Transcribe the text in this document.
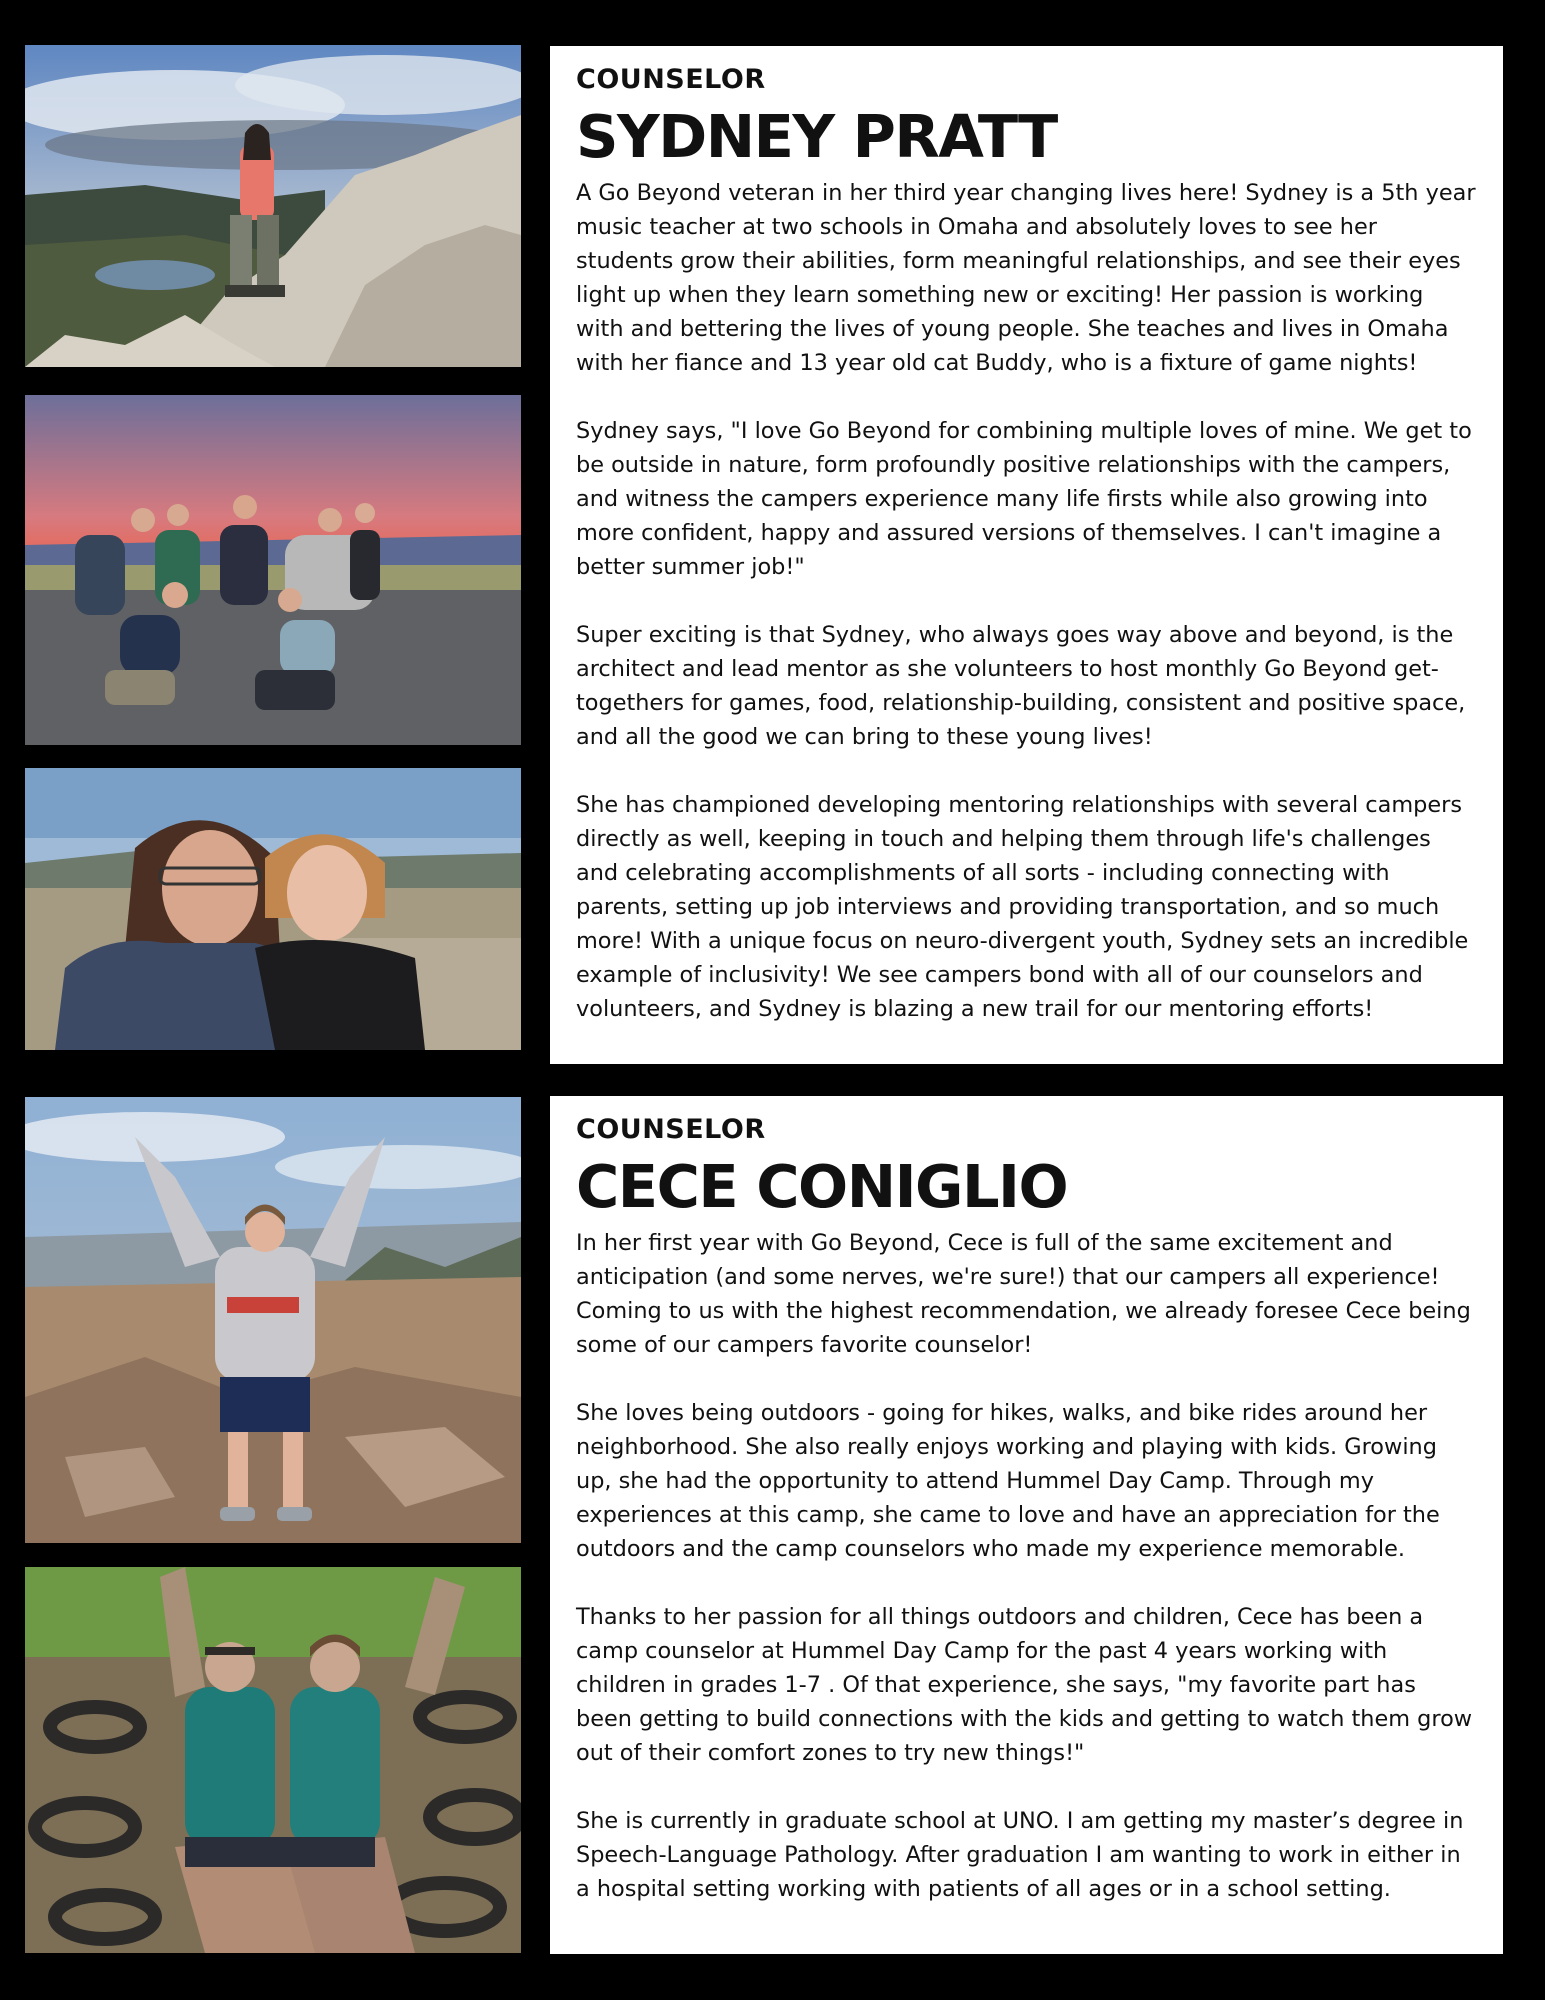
COUNSELOR
SYDNEY PRATT

A Go Beyond veteran in her third year changing lives here! Sydney is a 5th year music teacher at two schools in Omaha and absolutely loves to see her students grow their abilities, form meaningful relationships, and see their eyes light up when they learn something new or exciting! Her passion is working with and bettering the lives of young people. She teaches and lives in Omaha with her fiance and 13 year old cat Buddy, who is a fixture of game nights!

Sydney says, "I love Go Beyond for combining multiple loves of mine. We get to be outside in nature, form profoundly positive relationships with the campers, and witness the campers experience many life firsts while also growing into more confident, happy and assured versions of themselves. I can't imagine a better summer job!"

Super exciting is that Sydney, who always goes way above and beyond, is the architect and lead mentor as she volunteers to host monthly Go Beyond get-togethers for games, food, relationship-building, consistent and positive space, and all the good we can bring to these young lives!

She has championed developing mentoring relationships with several campers directly as well, keeping in touch and helping them through life's challenges and celebrating accomplishments of all sorts - including connecting with parents, setting up job interviews and providing transportation, and so much more! With a unique focus on neuro-divergent youth, Sydney sets an incredible example of inclusivity! We see campers bond with all of our counselors and volunteers, and Sydney is blazing a new trail for our mentoring efforts!

COUNSELOR
CECE CONIGLIO

In her first year with Go Beyond, Cece is full of the same excitement and anticipation (and some nerves, we're sure!) that our campers all experience! Coming to us with the highest recommendation, we already foresee Cece being some of our campers favorite counselor!

She loves being outdoors - going for hikes, walks, and bike rides around her neighborhood. She also really enjoys working and playing with kids. Growing up, she had the opportunity to attend Hummel Day Camp. Through my experiences at this camp, she came to love and have an appreciation for the outdoors and the camp counselors who made my experience memorable.

Thanks to her passion for all things outdoors and children, Cece has been a camp counselor at Hummel Day Camp for the past 4 years working with children in grades 1-7 . Of that experience, she says, "my favorite part has been getting to build connections with the kids and getting to watch them grow out of their comfort zones to try new things!"

She is currently in graduate school at UNO. I am getting my master’s degree in Speech-Language Pathology. After graduation I am wanting to work in either in a hospital setting working with patients of all ages or in a school setting.
